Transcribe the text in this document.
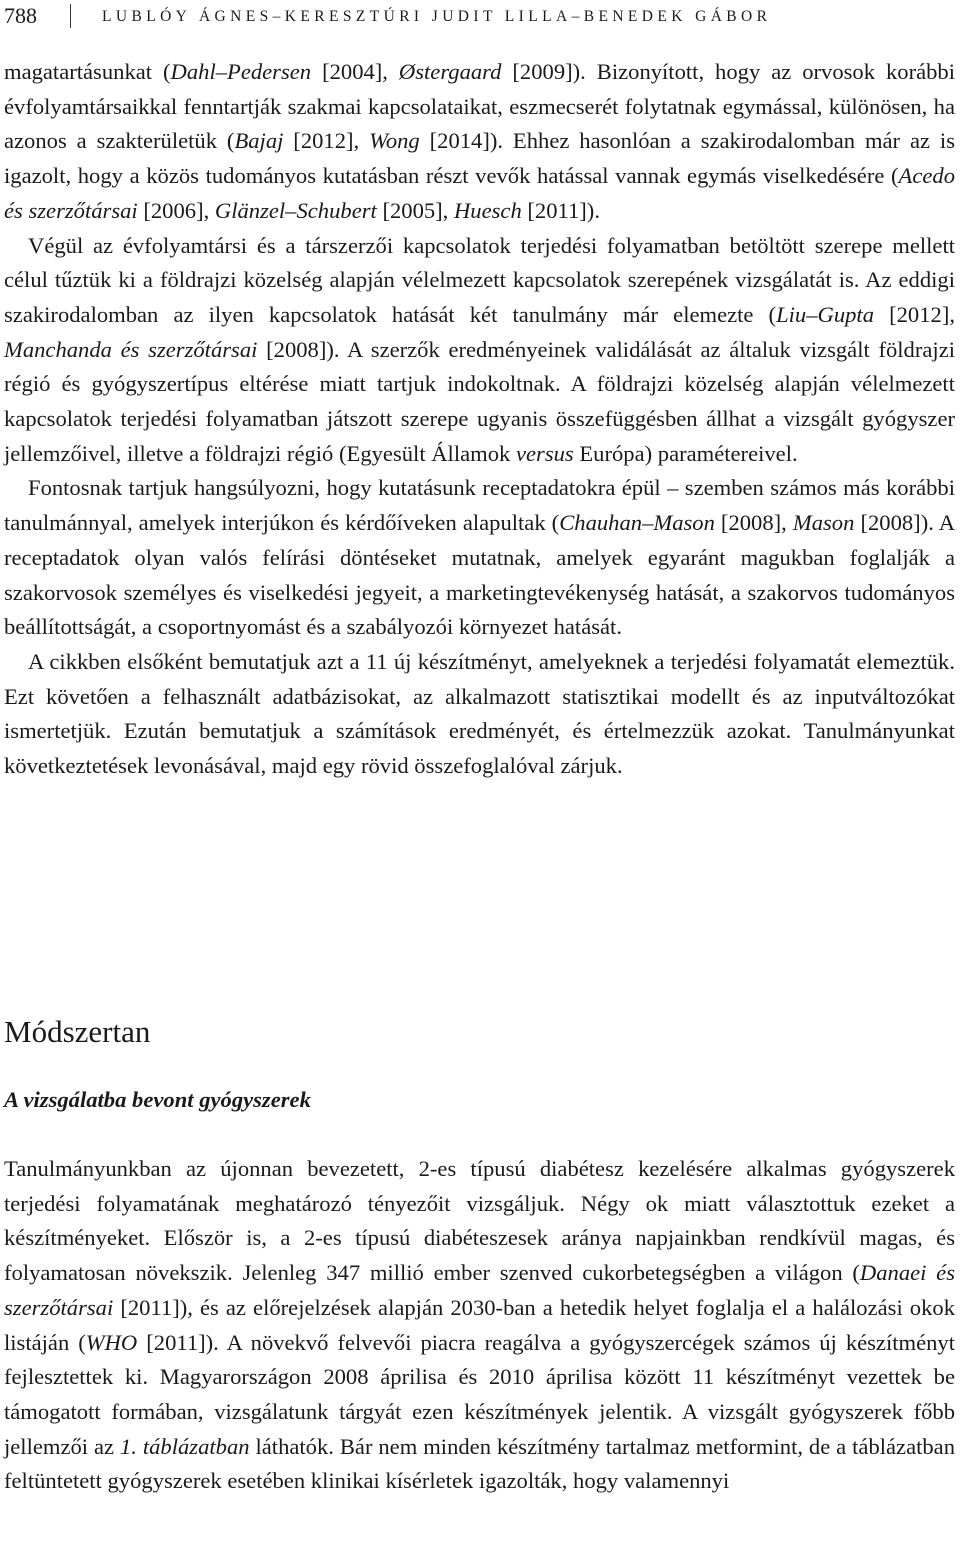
788	LUBLÓY ÁGNES–KERESZTÚRI JUDIT LILLA–BENEDEK GÁBOR

magatartásunkat (Dahl–Pedersen [2004], Østergaard [2009]). Bizonyított, hogy az orvosok korábbi évfolyamtársaikkal fenntartják szakmai kapcsolataikat, eszmecserét folytatnak egymással, különösen, ha azonos a szakterületük (Bajaj [2012], Wong [2014]). Ehhez hasonlóan a szakirodalomban már az is igazolt, hogy a közös tudományos kutatásban részt vevők hatással vannak egymás viselkedésére (Acedo és szerzőtársai [2006], Glänzel–Schubert [2005], Huesch [2011]).

Végül az évfolyamtársi és a társzerzői kapcsolatok terjedési folyamatban betöltött szerepe mellett célul tűztük ki a földrajzi közelség alapján vélelmezett kapcsolatok szerepének vizsgálatát is. Az eddigi szakirodalomban az ilyen kapcsolatok hatását két tanulmány már elemezte (Liu–Gupta [2012], Manchanda és szerzőtársai [2008]). A szerzők eredményeinek validálását az általuk vizsgált földrajzi régió és gyógyszertípus eltérése miatt tartjuk indokoltnak. A földrajzi közelség alapján vélelmezett kapcsolatok terjedési folyamatban játszott szerepe ugyanis összefüggésben állhat a vizsgált gyógyszer jellemzőivel, illetve a földrajzi régió (Egyesült Államok versus Európa) paramétereivel.

Fontosnak tartjuk hangsúlyozni, hogy kutatásunk receptadatokra épül – szemben számos más korábbi tanulmánnyal, amelyek interjúkon és kérdőíveken alapultak (Chauhan–Mason [2008], Mason [2008]). A receptadatok olyan valós felírási döntéseket mutatnak, amelyek egyaránt magukban foglalják a szakorvosok személyes és viselkedési jegyeit, a marketingtevékenység hatását, a szakorvos tudományos beállítottságát, a csoportnyomást és a szabályozói környezet hatását.

A cikkben elsőként bemutatjuk azt a 11 új készítményt, amelyeknek a terjedési folyamatát elemeztük. Ezt követően a felhasznált adatbázisokat, az alkalmazott statisztikai modellt és az inputváltozókat ismertetjük. Ezután bemutatjuk a számítások eredményét, és értelmezzük azokat. Tanulmányunkat következtetések levonásával, majd egy rövid összefoglalóval zárjuk.

Módszertan
A vizsgálatba bevont gyógyszerek

Tanulmányunkban az újonnan bevezetett, 2-es típusú diabétesz kezelésére alkalmas gyógyszerek terjedési folyamatának meghatározó tényezőit vizsgáljuk. Négy ok miatt választottuk ezeket a készítményeket. Először is, a 2-es típusú diabéteszesek aránya napjainkban rendkívül magas, és folyamatosan növekszik. Jelenleg 347 millió ember szenved cukorbetegségben a világon (Danaei és szerzőtársai [2011]), és az előrejelzések alapján 2030-ban a hetedik helyet foglalja el a halálozási okok listáján (WHO [2011]). A növekvő felvevői piacra reagálva a gyógyszercégek számos új készítményt fejlesztettek ki. Magyarországon 2008 áprilisa és 2010 áprilisa között 11 készítményt vezettek be támogatott formában, vizsgálatunk tárgyát ezen készítmények jelentik. A vizsgált gyógyszerek főbb jellemzői az 1. táblázatban láthatók. Bár nem minden készítmény tartalmaz metformint, de a táblázatban feltüntetett gyógyszerek esetében klinikai kísérletek igazolták, hogy valamennyi
